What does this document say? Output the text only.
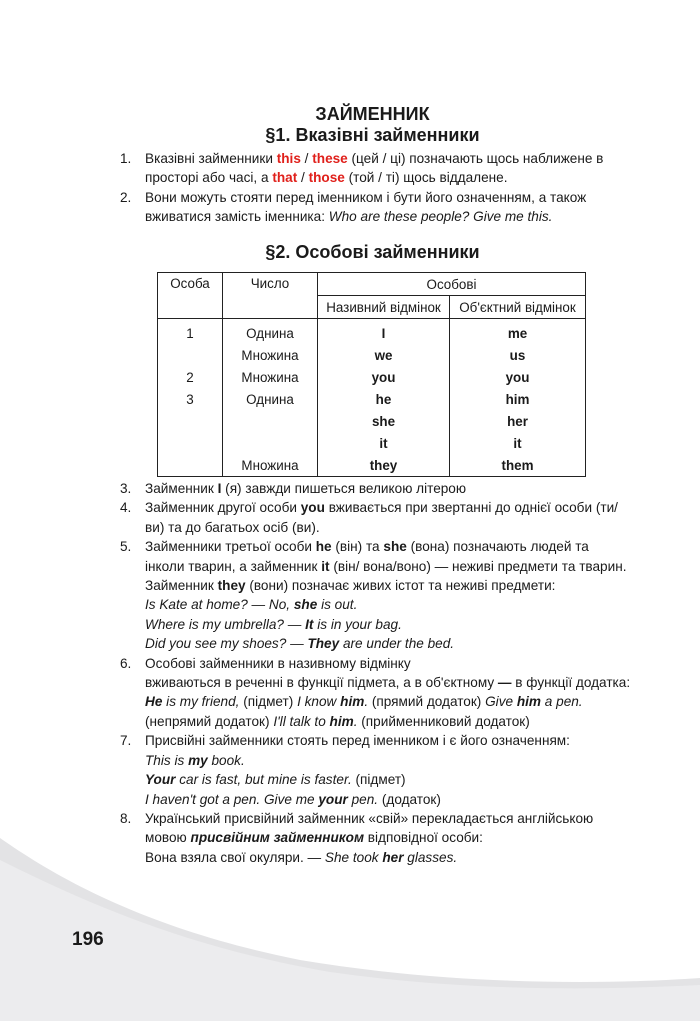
ЗАЙМЕННИК
§1. Вказівні займенники
1. Вказівні займенники this / these (цей / ці) позначають щось наближене в
просторі або часі, а that / those (той / ті) щось віддалене.
2. Вони можуть стояти перед іменником і бути його означенням, а також
вживатися замість іменника: Who are these people? Give me this.
§2. Особові займенники
Особа	Число	Особові	
		Називний відмінок	Об'єктний відмінок
1	Однина	I	me
	Множина	we	us
2	Множина	you	you
3	Однина	he	him
		she	her
		it	it
	Множина	they	them
3. Займенник I (я) завжди пишеться великою літерою
4. Займенник другої особи you вживається при звертанні до однієї особи (ти/
ви) та до багатьох осіб (ви).
5. Займенники третьої особи he (він) та she (вона) позначають людей та
інколи тварин, а займенник it (він/ вона/воно) — неживі предмети та тварин.
Займенник they (вони) позначає живих істот та неживі предмети:
Is Kate at home? — No, she is out.
Where is my umbrella? — It is in your bag.
Did you see my shoes? — They are under the bed.
6. Особові займенники в називному відмінку
вживаються в реченні в функції підмета, а в об'єктному — в функції додатка:
He is my friend, (підмет) I know him. (прямий додаток) Give him a pen.
(непрямий додаток) I'll talk to him. (прийменниковий додаток)
7. Присвійні займенники стоять перед іменником і є його означенням:
This is my book.
Your car is fast, but mine is faster. (підмет)
I haven't got a pen. Give me your pen. (додаток)
8. Український присвійний займенник «свій» перекладається англійською
мовою присвійним займенником відповідної особи:
Вона взяла свої окуляри. — She took her glasses.
196
